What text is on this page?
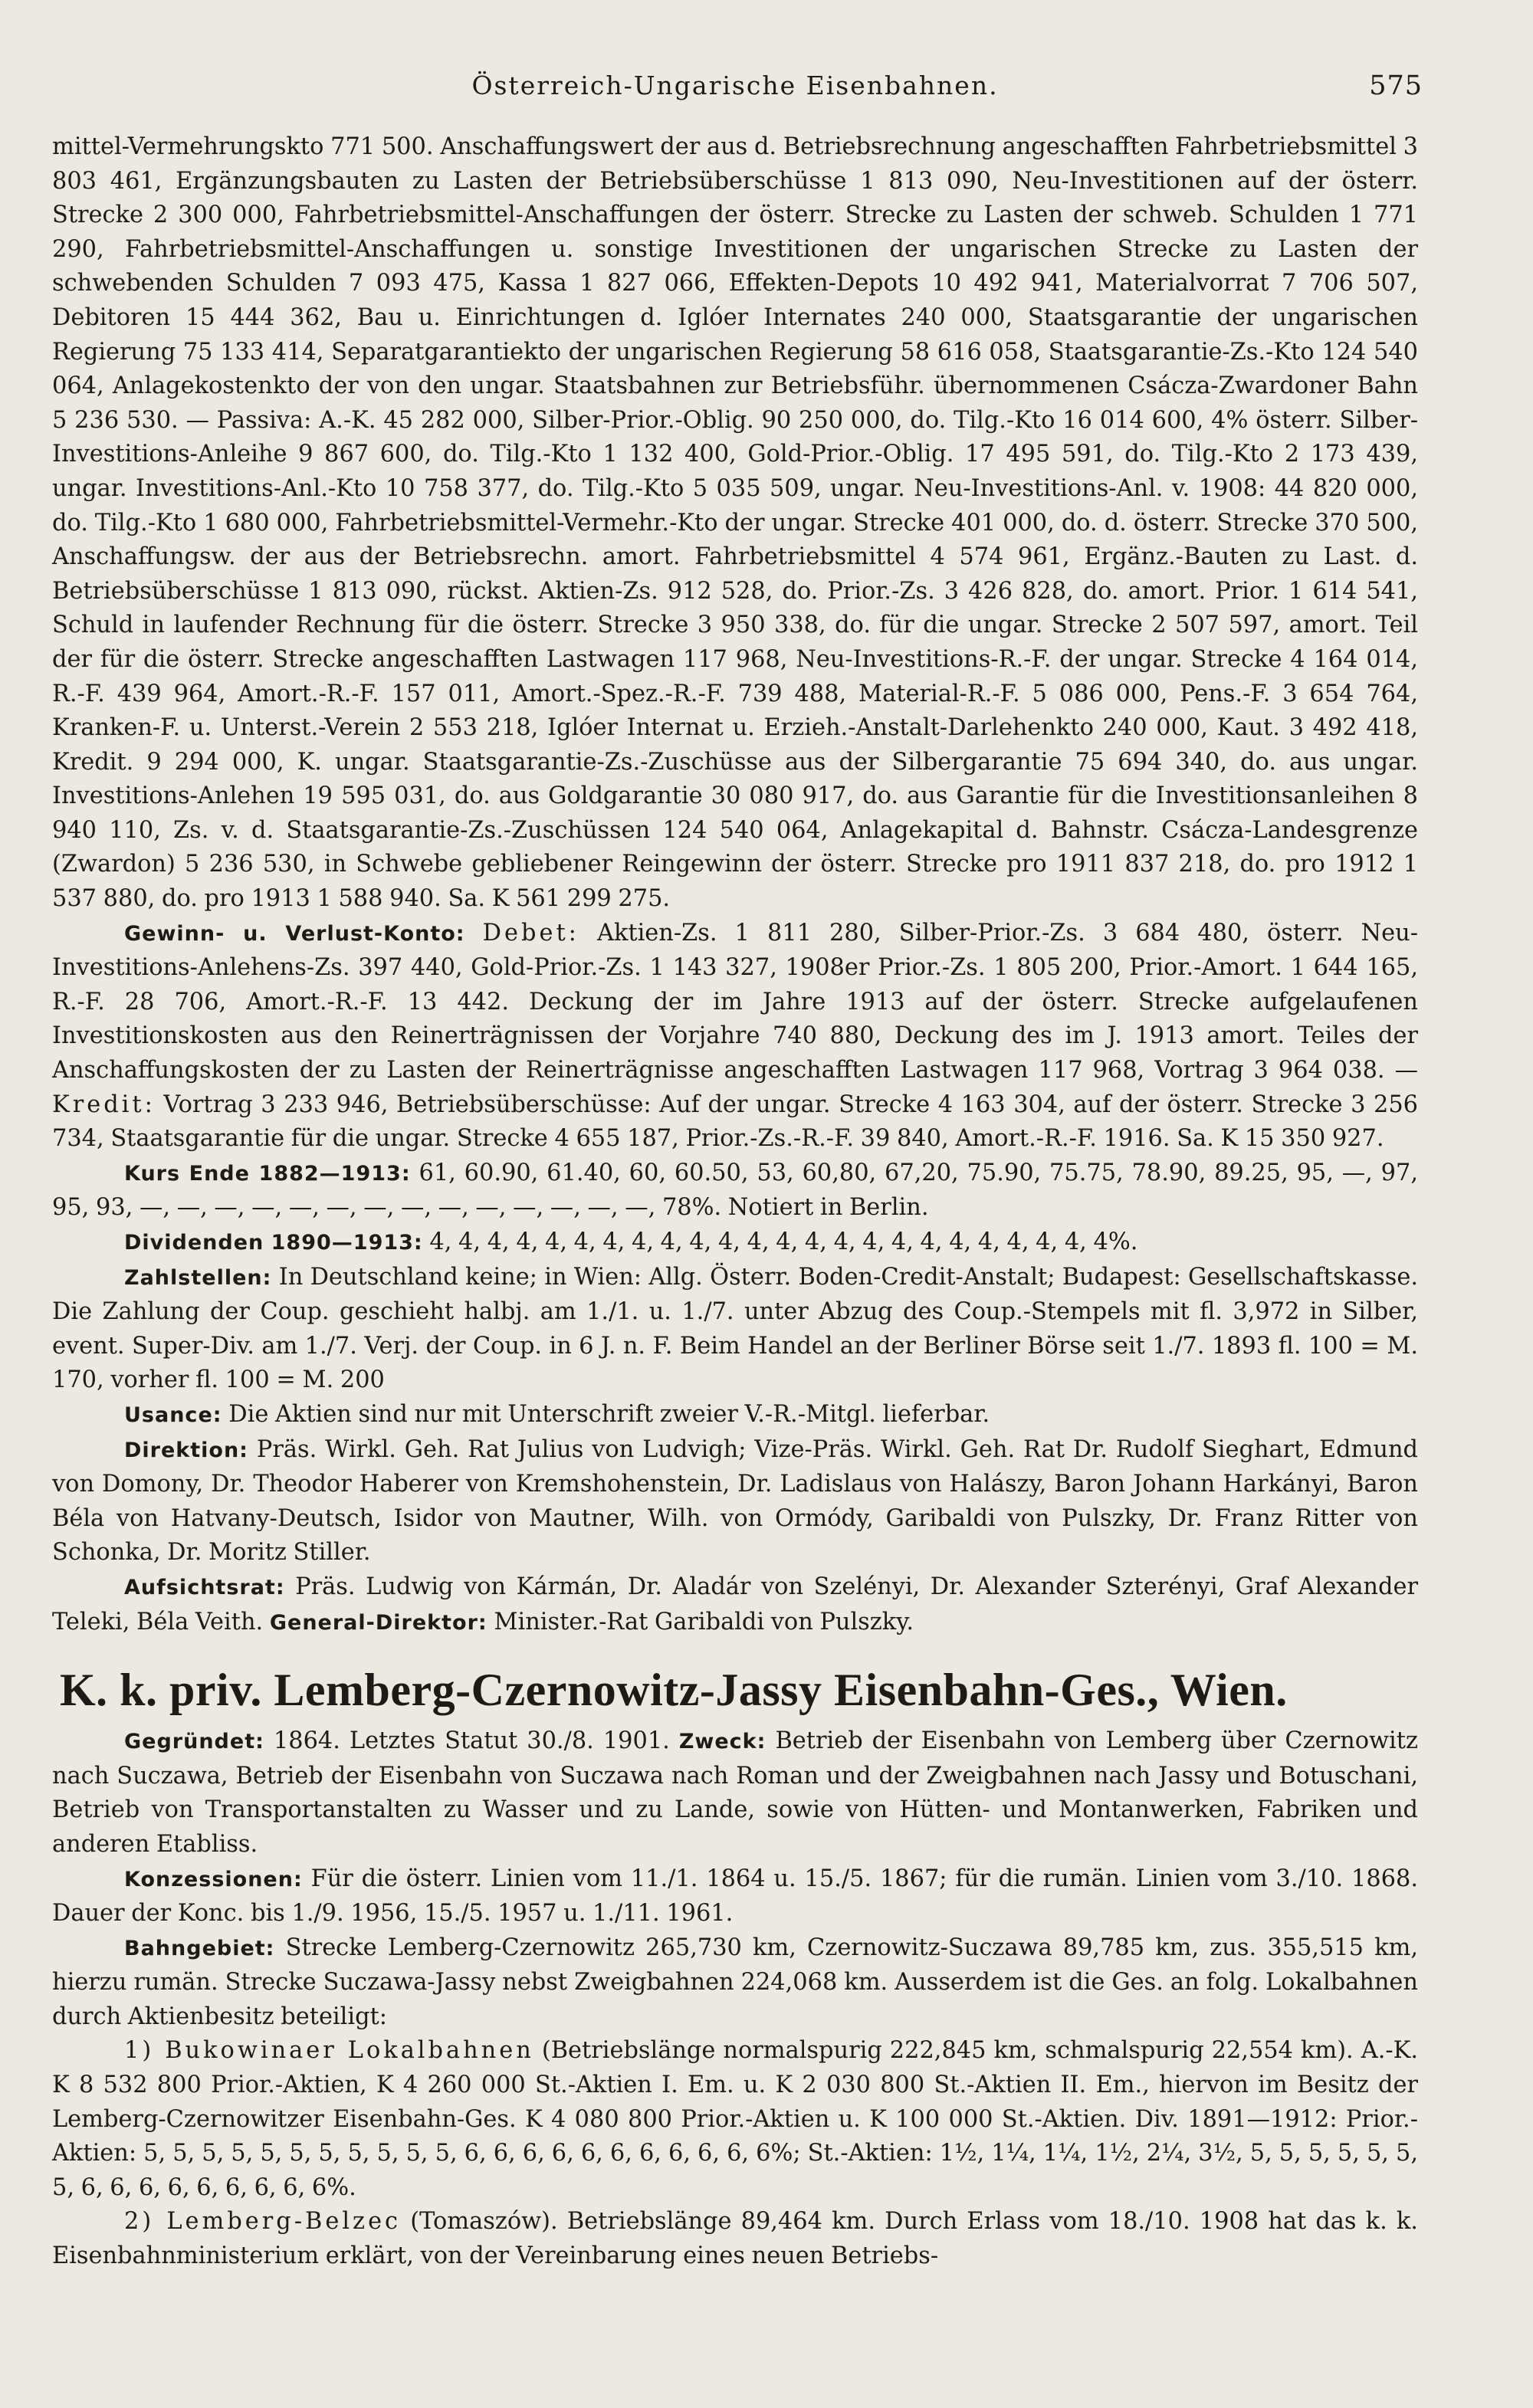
Österreich-Ungarische Eisenbahnen.	575

mittel-Vermehrungskto 771 500. Anschaffungswert der aus d. Betriebsrechnung angeschafften Fahrbetriebsmittel 3 803 461, Ergänzungsbauten zu Lasten der Betriebsüberschüsse 1 813 090, Neu-Investitionen auf der österr. Strecke 2 300 000, Fahrbetriebsmittel-Anschaffungen der österr. Strecke zu Lasten der schweb. Schulden 1 771 290, Fahrbetriebsmittel-Anschaffungen u. sonstige Investitionen der ungarischen Strecke zu Lasten der schwebenden Schulden 7 093 475, Kassa 1 827 066, Effekten-Depots 10 492 941, Materialvorrat 7 706 507, Debitoren 15 444 362, Bau u. Einrichtungen d. Iglóer Internates 240 000, Staatsgarantie der ungarischen Regierung 75 133 414, Separatgarantiekto der ungarischen Regierung 58 616 058, Staatsgarantie-Zs.-Kto 124 540 064, Anlagekostenkto der von den ungar. Staatsbahnen zur Betriebsführ. übernommenen Csácza-Zwardoner Bahn 5 236 530. — Passiva: A.-K. 45 282 000, Silber-Prior.-Oblig. 90 250 000, do. Tilg.-Kto 16 014 600, 4% österr. Silber-Investitions-Anleihe 9 867 600, do. Tilg.-Kto 1 132 400, Gold-Prior.-Oblig. 17 495 591, do. Tilg.-Kto 2 173 439, ungar. Investitions-Anl.-Kto 10 758 377, do. Tilg.-Kto 5 035 509, ungar. Neu-Investitions-Anl. v. 1908: 44 820 000, do. Tilg.-Kto 1 680 000, Fahrbetriebsmittel-Vermehr.-Kto der ungar. Strecke 401 000, do. d. österr. Strecke 370 500, Anschaffungsw. der aus der Betriebsrechn. amort. Fahrbetriebsmittel 4 574 961, Ergänz.-Bauten zu Last. d. Betriebsüberschüsse 1 813 090, rückst. Aktien-Zs. 912 528, do. Prior.-Zs. 3 426 828, do. amort. Prior. 1 614 541, Schuld in laufender Rechnung für die österr. Strecke 3 950 338, do. für die ungar. Strecke 2 507 597, amort. Teil der für die österr. Strecke angeschafften Lastwagen 117 968, Neu-Investitions-R.-F. der ungar. Strecke 4 164 014, R.-F. 439 964, Amort.-R.-F. 157 011, Amort.-Spez.-R.-F. 739 488, Material-R.-F. 5 086 000, Pens.-F. 3 654 764, Kranken-F. u. Unterst.-Verein 2 553 218, Iglóer Internat u. Erzieh.-Anstalt-Darlehenkto 240 000, Kaut. 3 492 418, Kredit. 9 294 000, K. ungar. Staatsgarantie-Zs.-Zuschüsse aus der Silbergarantie 75 694 340, do. aus ungar. Investitions-Anlehen 19 595 031, do. aus Goldgarantie 30 080 917, do. aus Garantie für die Investitionsanleihen 8 940 110, Zs. v. d. Staatsgarantie-Zs.-Zuschüssen 124 540 064, Anlagekapital d. Bahnstr. Csácza-Landesgrenze (Zwardon) 5 236 530, in Schwebe gebliebener Reingewinn der österr. Strecke pro 1911 837 218, do. pro 1912 1 537 880, do. pro 1913 1 588 940. Sa. K 561 299 275.

Gewinn- u. Verlust-Konto: Debet: Aktien-Zs. 1 811 280, Silber-Prior.-Zs. 3 684 480, österr. Neu-Investitions-Anlehens-Zs. 397 440, Gold-Prior.-Zs. 1 143 327, 1908er Prior.-Zs. 1 805 200, Prior.-Amort. 1 644 165, R.-F. 28 706, Amort.-R.-F. 13 442. Deckung der im Jahre 1913 auf der österr. Strecke aufgelaufenen Investitionskosten aus den Reinerträgnissen der Vorjahre 740 880, Deckung des im J. 1913 amort. Teiles der Anschaffungskosten der zu Lasten der Reinerträgnisse angeschafften Lastwagen 117 968, Vortrag 3 964 038. — Kredit: Vortrag 3 233 946, Betriebsüberschüsse: Auf der ungar. Strecke 4 163 304, auf der österr. Strecke 3 256 734, Staatsgarantie für die ungar. Strecke 4 655 187, Prior.-Zs.-R.-F. 39 840, Amort.-R.-F. 1916. Sa. K 15 350 927.

Kurs Ende 1882—1913: 61, 60.90, 61.40, 60, 60.50, 53, 60,80, 67,20, 75.90, 75.75, 78.90, 89.25, 95, —, 97, 95, 93, —, —, —, —, —, —, —, —, —, —, —, —, —, —, 78%. Notiert in Berlin.

Dividenden 1890—1913: 4, 4, 4, 4, 4, 4, 4, 4, 4, 4, 4, 4, 4, 4, 4, 4, 4, 4, 4, 4, 4, 4, 4, 4%.

Zahlstellen: In Deutschland keine; in Wien: Allg. Österr. Boden-Credit-Anstalt; Budapest: Gesellschaftskasse. Die Zahlung der Coup. geschieht halbj. am 1./1. u. 1./7. unter Abzug des Coup.-Stempels mit fl. 3,972 in Silber, event. Super-Div. am 1./7. Verj. der Coup. in 6 J. n. F. Beim Handel an der Berliner Börse seit 1./7. 1893 fl. 100 = M. 170, vorher fl. 100 = M. 200

Usance: Die Aktien sind nur mit Unterschrift zweier V.-R.-Mitgl. lieferbar.

Direktion: Präs. Wirkl. Geh. Rat Julius von Ludvigh; Vize-Präs. Wirkl. Geh. Rat Dr. Rudolf Sieghart, Edmund von Domony, Dr. Theodor Haberer von Kremshohenstein, Dr. Ladislaus von Halászy, Baron Johann Harkányi, Baron Béla von Hatvany-Deutsch, Isidor von Mautner, Wilh. von Ormódy, Garibaldi von Pulszky, Dr. Franz Ritter von Schonka, Dr. Moritz Stiller.

Aufsichtsrat: Präs. Ludwig von Kármán, Dr. Aladár von Szelényi, Dr. Alexander Szterényi, Graf Alexander Teleki, Béla Veith. General-Direktor: Minister.-Rat Garibaldi von Pulszky.

K. k. priv. Lemberg-Czernowitz-Jassy Eisenbahn-Ges., Wien.

Gegründet: 1864. Letztes Statut 30./8. 1901. Zweck: Betrieb der Eisenbahn von Lemberg über Czernowitz nach Suczawa, Betrieb der Eisenbahn von Suczawa nach Roman und der Zweigbahnen nach Jassy und Botuschani, Betrieb von Transportanstalten zu Wasser und zu Lande, sowie von Hütten- und Montanwerken, Fabriken und anderen Etabliss.

Konzessionen: Für die österr. Linien vom 11./1. 1864 u. 15./5. 1867; für die rumän. Linien vom 3./10. 1868. Dauer der Konc. bis 1./9. 1956, 15./5. 1957 u. 1./11. 1961.

Bahngebiet: Strecke Lemberg-Czernowitz 265,730 km, Czernowitz-Suczawa 89,785 km, zus. 355,515 km, hierzu rumän. Strecke Suczawa-Jassy nebst Zweigbahnen 224,068 km. Ausserdem ist die Ges. an folg. Lokalbahnen durch Aktienbesitz beteiligt:

1) Bukowinaer Lokalbahnen (Betriebslänge normalspurig 222,845 km, schmalspurig 22,554 km). A.-K. K 8 532 800 Prior.-Aktien, K 4 260 000 St.-Aktien I. Em. u. K 2 030 800 St.-Aktien II. Em., hiervon im Besitz der Lemberg-Czernowitzer Eisenbahn-Ges. K 4 080 800 Prior.-Aktien u. K 100 000 St.-Aktien. Div. 1891—1912: Prior.-Aktien: 5, 5, 5, 5, 5, 5, 5, 5, 5, 5, 5, 6, 6, 6, 6, 6, 6, 6, 6, 6, 6, 6%; St.-Aktien: 1½, 1¼, 1¼, 1½, 2¼, 3½, 5, 5, 5, 5, 5, 5, 5, 6, 6, 6, 6, 6, 6, 6, 6, 6%.

2) Lemberg-Belzec (Tomaszów). Betriebslänge 89,464 km. Durch Erlass vom 18./10. 1908 hat das k. k. Eisenbahnministerium erklärt, von der Vereinbarung eines neuen Betriebs-
